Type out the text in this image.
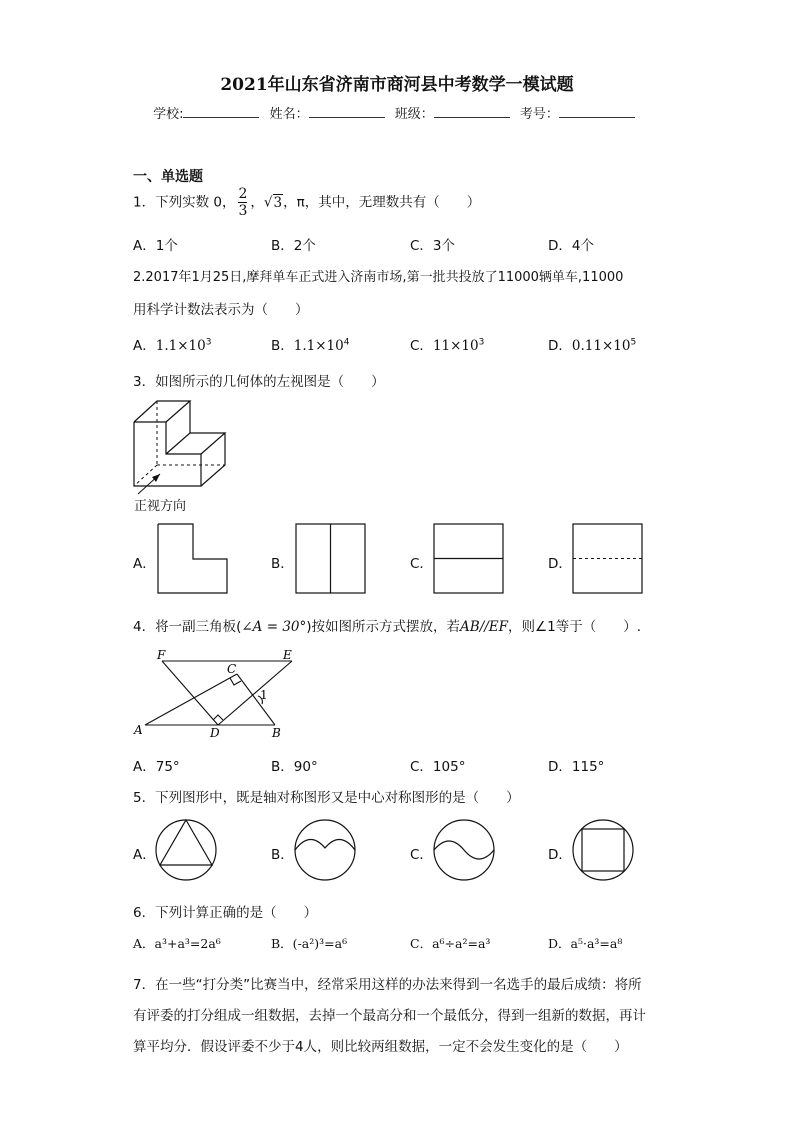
2021年山东省济南市商河县中考数学一模试题
学校:	姓名：	班级：	考号：
一、单选题
1．下列实数 0， $\frac{2}{3}$ ，√3，π，其中，无理数共有（　　）
A．1个	B．2个	C．3个	D．4个
2.2017年1月25日,摩拜单车正式进入济南市场,第一批共投放了11000辆单车,11000
用科学计数法表示为（　　）
A．$1.1\times 10^3$	B．$1.1\times 10^4$	C．$11\times 10^3$	D．$0.11\times 10^5$
3．如图所示的几何体的左视图是（　　）
正视方向
A．	B．	C．	D．
4．将一副三角板(∠A = 30°)按如图所示方式摆放，若AB//EF，则∠1等于（　　）.
F
C
E
1
A	D	B
A．75°	B．90°	C．105°	D．115°
5．下列图形中，既是轴对称图形又是中心对称图形的是（　　）
A．	B．	C．	D．
6．下列计算正确的是（　　）
A．a³+a³=2a⁶	B．(-a²)³=a⁶	C．a⁶÷a²=a³	D．a⁵·a³=a⁸
7．在一些“打分类”比赛当中，经常采用这样的办法来得到一名选手的最后成绩：将所
有评委的打分组成一组数据，去掉一个最高分和一个最低分，得到一组新的数据，再计
算平均分．假设评委不少于4人，则比较两组数据，一定不会发生变化的是（　　）
